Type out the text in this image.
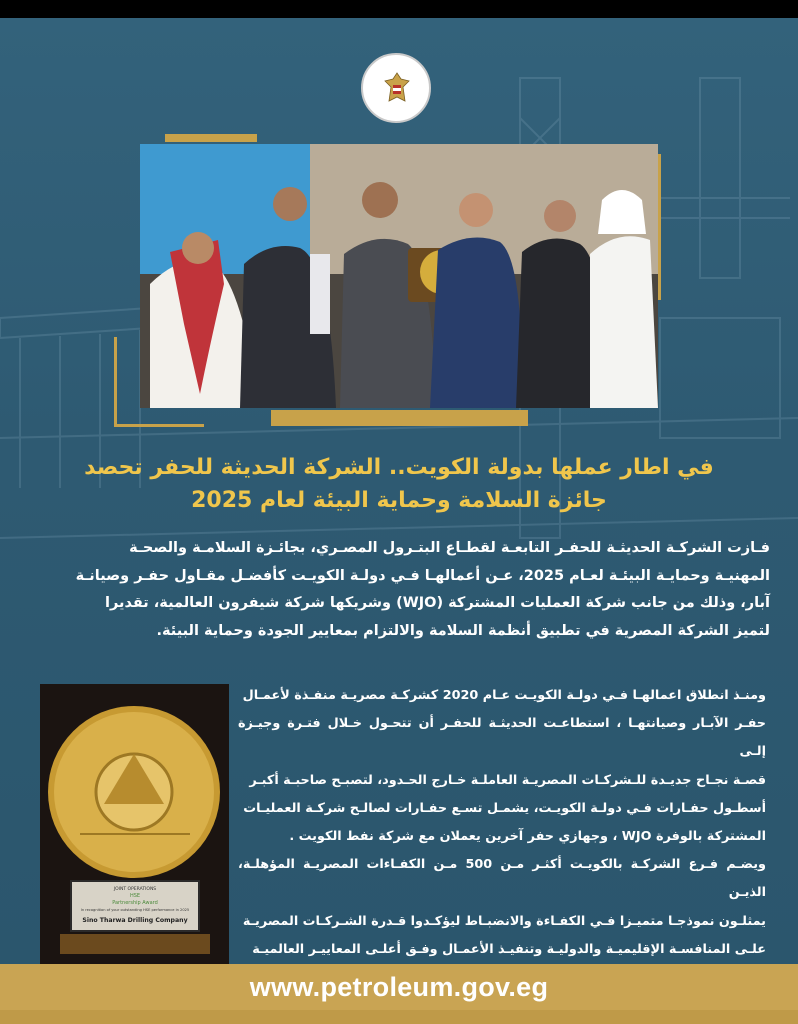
في اطار عملها بدولة الكويت.. الشركة الحديثة للحفر تحصد
جائزة السلامة وحماية البيئة لعام 2025
فـازت الشركـة الحديثـة للحفـر التابعـة لقطـاع البتـرول المصـري، بجائـزة السلامـة والصحـة
المهنيـة وحمايـة البيئـة لعـام 2025، عـن أعمالهـا فـي دولـة الكويـت كأفضـل مقـاول حفـر وصيانـة
آبار، وذلك من جانب شركة العمليات المشتركة (WJO) وشريكها شركة شيفرون العالمية، تقديرا
لتميز الشركة المصرية في تطبيق أنظمة السلامة والالتزام بمعايير الجودة وحماية البيئة.
JOINT OPERATIONS
HSE
Partnership Award
In recognition of your outstanding HSE performance in 2025
Sino Tharwa Drilling Company
ومنـذ انطلاق اعمالهـا فـي دولـة الكويـت عـام 2020 كشركـة مصريـة منفـذة لأعمـال
حفـر الآبـار وصيانتهـا ، استطاعـت الحديثـة للحفـر أن تتحـول خـلال فتـرة وجيـزة إلـى
قصـة نجـاح جديـدة للـشركـات المصريـة العاملـة خـارج الحـدود، لتصبـح صاحبـة أكبـر
أسطـول حفـارات فـي دولـة الكويـت، يشمـل تسـع حفـارات لصالـح شركـة العمليـات
المشتركة بالوفرة WJO ، وجهازي حفر آخرين يعملان مع شركة نفط الكويت .
ويضـم فـرع الشركـة بالكويـت أكثـر مـن 500 مـن الكفـاءات المصريـة المؤهلـة، الذيـن
يمثلـون نموذجـا متميـزا فـي الكفـاءة والانضبـاط ليؤكـدوا قـدرة الشـركـات المصريـة
علـى المنافسـة الإقليميـة والدوليـة وتنفيـذ الأعمـال وفـق أعلـى المعاييـر العالميـة
www.petroleum.gov.eg
